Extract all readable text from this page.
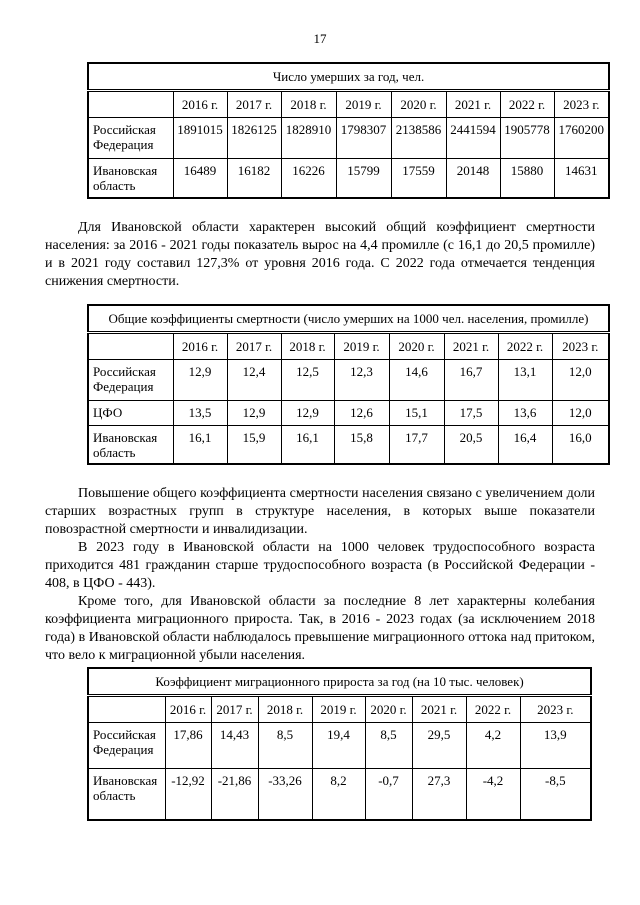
17
Число умерших за год, чел.								
	2016 г.	2017 г.	2018 г.	2019 г.	2020 г.	2021 г.	2022 г.	2023 г.
Российская Федерация	1891015	1826125	1828910	1798307	2138586	2441594	1905778	1760200
Ивановская область	16489	16182	16226	15799	17559	20148	15880	14631

Для Ивановской области характерен высокий общий коэффициент смертности населения: за 2016 - 2021 годы показатель вырос на 4,4 промилле (с 16,1 до 20,5 промилле) и в 2021 году составил 127,3% от уровня 2016 года. С 2022 года отмечается тенденция снижения смертности.

Общие коэффициенты смертности (число умерших на 1000 чел. населения, промилле)								
	2016 г.	2017 г.	2018 г.	2019 г.	2020 г.	2021 г.	2022 г.	2023 г.
Российская Федерация	12,9	12,4	12,5	12,3	14,6	16,7	13,1	12,0
ЦФО	13,5	12,9	12,9	12,6	15,1	17,5	13,6	12,0
Ивановская область	16,1	15,9	16,1	15,8	17,7	20,5	16,4	16,0

Повышение общего коэффициента смертности населения связано с увеличением доли старших возрастных групп в структуре населения, в которых выше показатели повозрастной смертности и инвалидизации.

В 2023 году в Ивановской области на 1000 человек трудоспособного возраста приходится 481 гражданин старше трудоспособного возраста (в Российской Федерации - 408, в ЦФО - 443).

Кроме того, для Ивановской области за последние 8 лет характерны колебания коэффициента миграционного прироста. Так, в 2016 - 2023 годах (за исключением 2018 года) в Ивановской области наблюдалось превышение миграционного оттока над притоком, что вело к миграционной убыли населения.

Коэффициент миграционного прироста за год (на 10 тыс. человек)								
	2016 г.	2017 г.	2018 г.	2019 г.	2020 г.	2021 г.	2022 г.	2023 г.
Российская Федерация	17,86	14,43	8,5	19,4	8,5	29,5	4,2	13,9
Ивановская область	-12,92	-21,86	-33,26	8,2	-0,7	27,3	-4,2	-8,5
